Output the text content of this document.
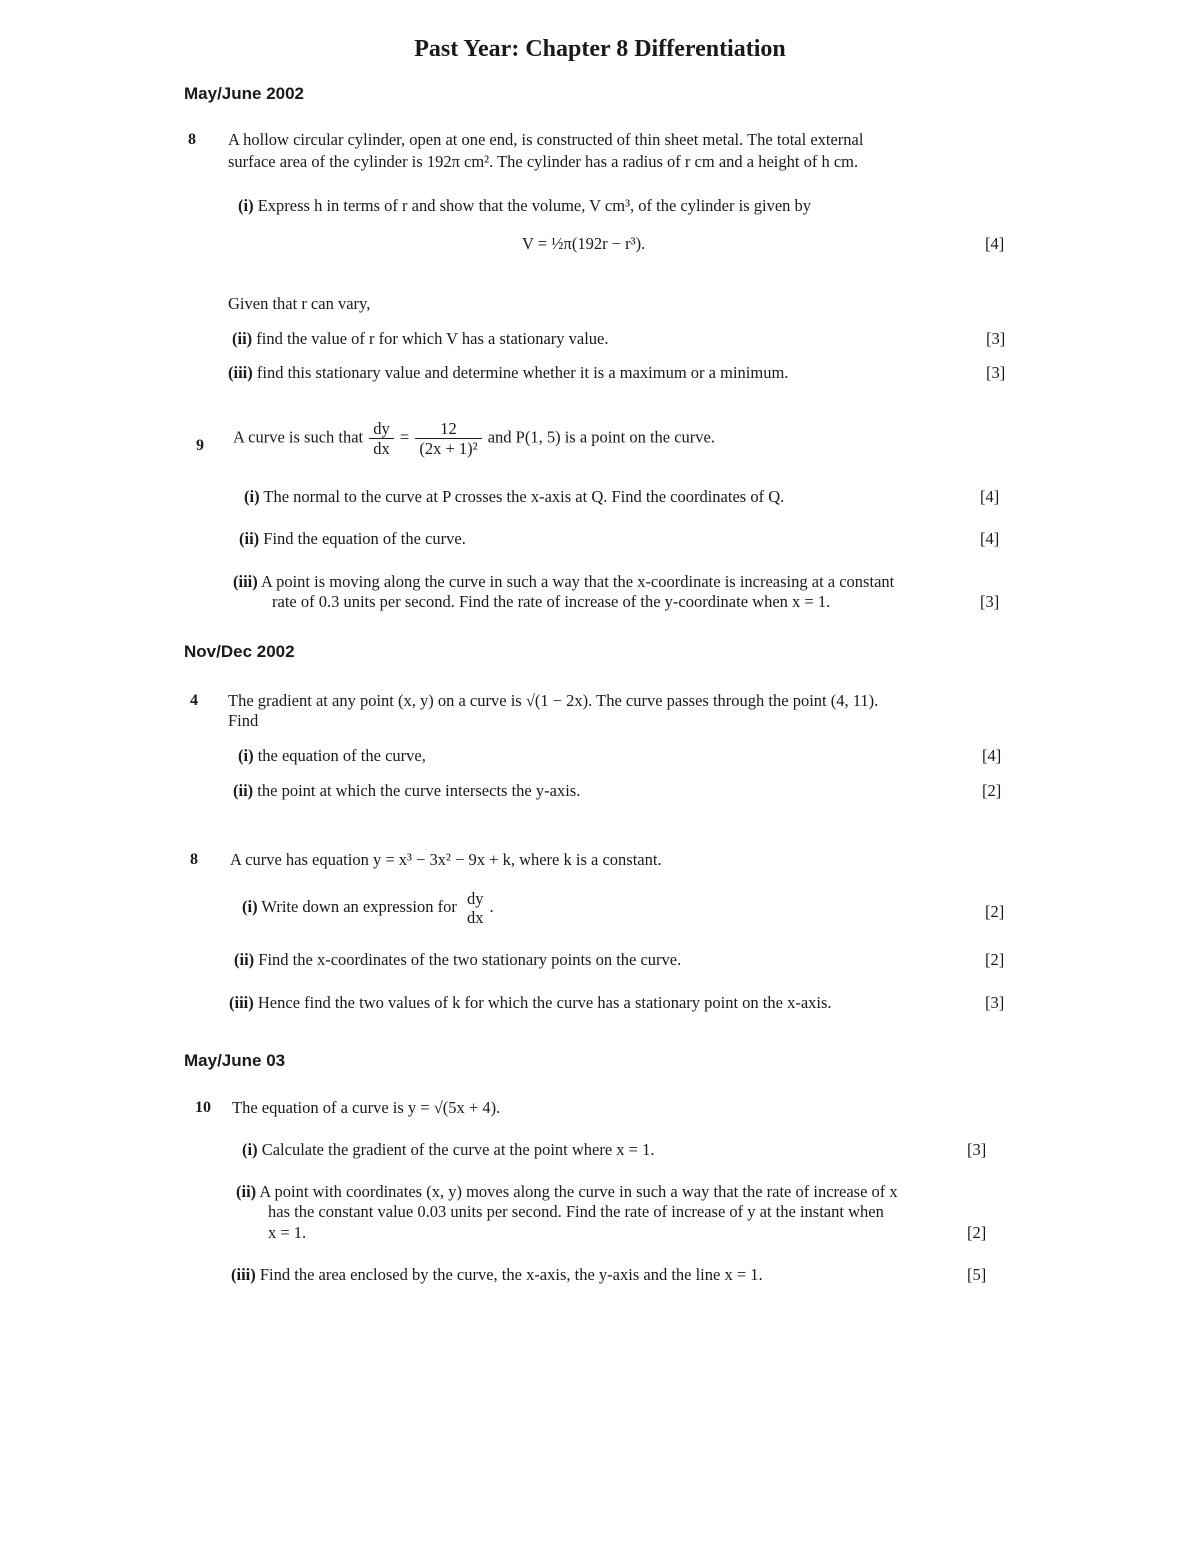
Past Year: Chapter 8 Differentiation
May/June 2002
8 A hollow circular cylinder, open at one end, is constructed of thin sheet metal. The total external
surface area of the cylinder is 192π cm². The cylinder has a radius of r cm and a height of h cm.
(i) Express h in terms of r and show that the volume, V cm³, of the cylinder is given by
V = ½π(192r − r³).	[4]
Given that r can vary,
(ii) find the value of r for which V has a stationary value.	[3]
(iii) find this stationary value and determine whether it is a maximum or a minimum.	[3]
9 A curve is such that $\frac{dy}{dx} = \frac{12}{\text{(2x + 1)²}}$ and P(1, 5) is a point on the curve.
(i) The normal to the curve at P crosses the x-axis at Q. Find the coordinates of Q.	[4]
(ii) Find the equation of the curve.	[4]
(iii) A point is moving along the curve in such a way that the x-coordinate is increasing at a constant
rate of 0.3 units per second. Find the rate of increase of the y-coordinate when x = 1.	[3]
Nov/Dec 2002
4 The gradient at any point (x, y) on a curve is √(1 − 2x). The curve passes through the point (4, 11).
Find
(i) the equation of the curve,	[4]
(ii) the point at which the curve intersects the y-axis.	[2]
8 A curve has equation y = x³ − 3x² − 9x + k, where k is a constant.
(i) Write down an expression for dy
dx
.	[2]
(ii) Find the x-coordinates of the two stationary points on the curve.	[2]
(iii) Hence find the two values of k for which the curve has a stationary point on the x-axis.	[3]
May/June 03
10 The equation of a curve is y = √(5x + 4).
(i) Calculate the gradient of the curve at the point where x = 1.	[3]
(ii) A point with coordinates (x, y) moves along the curve in such a way that the rate of increase of x
has the constant value 0.03 units per second. Find the rate of increase of y at the instant when
x = 1.	[2]
(iii) Find the area enclosed by the curve, the x-axis, the y-axis and the line x = 1.	[5]
